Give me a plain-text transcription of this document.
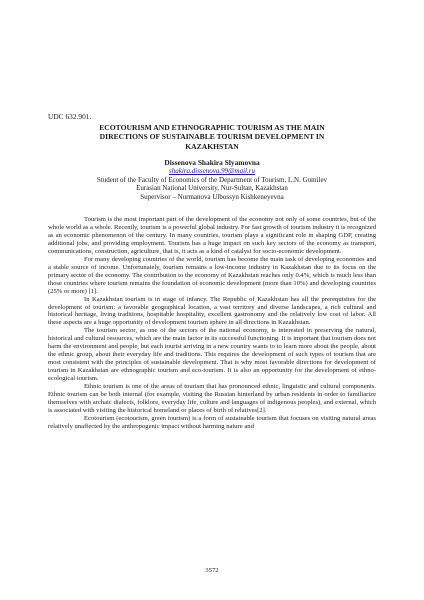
UDC 632.901.
ECOTOURISM AND ETHNOGRAPHIC TOURISM AS THE MAIN
DIRECTIONS OF SUSTAINABLE TOURISM DEVELOPMENT IN
KAZAKHSTAN
Dissenova Shakira Slyamovna
shakira.dissenova.99@mail.ru
Student of the Faculty of Economics of the Department of Tourism, L.N. Gumilev
Eurasian National University, Nur-Sultan, Kazakhstan
Supervisor – Nurmanova Ulbossyn Kishkeneyevna

Tourism is the most important part of the development of the economy not only of some countries, but of the whole world as a whole. Recently, tourism is a powerful global industry. For fast growth of tourism industry it is recognized as an economic phenomenon of the century. In many countries, tourism plays a significant role in shaping GDP, creating additional jobs, and providing employment. Tourism has a huge impact on such key sectors of the economy as transport, communications, construction, agriculture, that is, it acts as a kind of catalyst for socio-economic development.

For many developing countries of the world, tourism has become the main task of developing economies and a stable source of income. Unfortunately, tourism remains a low-income industry in Kazakhstan due to its focus on the primary sector of the economy. The contribution to the economy of Kazakhstan reaches only 0.4%, which is much less than those countries where tourism remains the foundation of economic development (more than 10%) and developing countries (25% or more) [1].

In Kazakhstan tourism is in stage of infancy. The Republic of Kazakhstan has all the prerequisites for the development of tourism: a favorable geographical location, a vast territory and diverse landscapes, a rich cultural and historical heritage, living traditions, hospitable hospitality, excellent gastronomy and the relatively low cost of labor. All these aspects are a huge opportunity of development tourism sphere in all directions in Kazakhstan.

The tourism sector, as one of the sectors of the national economy, is interested in preserving the natural, historical and cultural resources, which are the main factor in its successful functioning. It is important that tourism does not harm the environment and people, but each tourist arriving in a new country wants to to learn more about the people, about the ethnic group, about their everyday life and traditions. This requires the development of such types of tourism that are most consistent with the principles of sustainable development. That is why most favorable directions for development of tourism in Kazakhstan are ethnographic tourism and eco-tourism. It is also an opportunity for the development of ethno-ecological tourism.

Ethnic tourism is one of the areas of tourism that has pronounced ethnic, linguistic and cultural components. Ethnic tourism can be both internal (for example, visiting the Russian hinterland by urban residents in order to familiarize themselves with archaic dialects, folklore, everyday life, culture and languages of indigenous peoples), and external, which is associated with visiting the historical homeland or places of birth of relatives[2].

Ecotourism (ecotourism, green tourism) is a form of sustainable tourism that focuses on visiting natural areas relatively unaffected by the anthropogenic impact without harming nature and

3572
